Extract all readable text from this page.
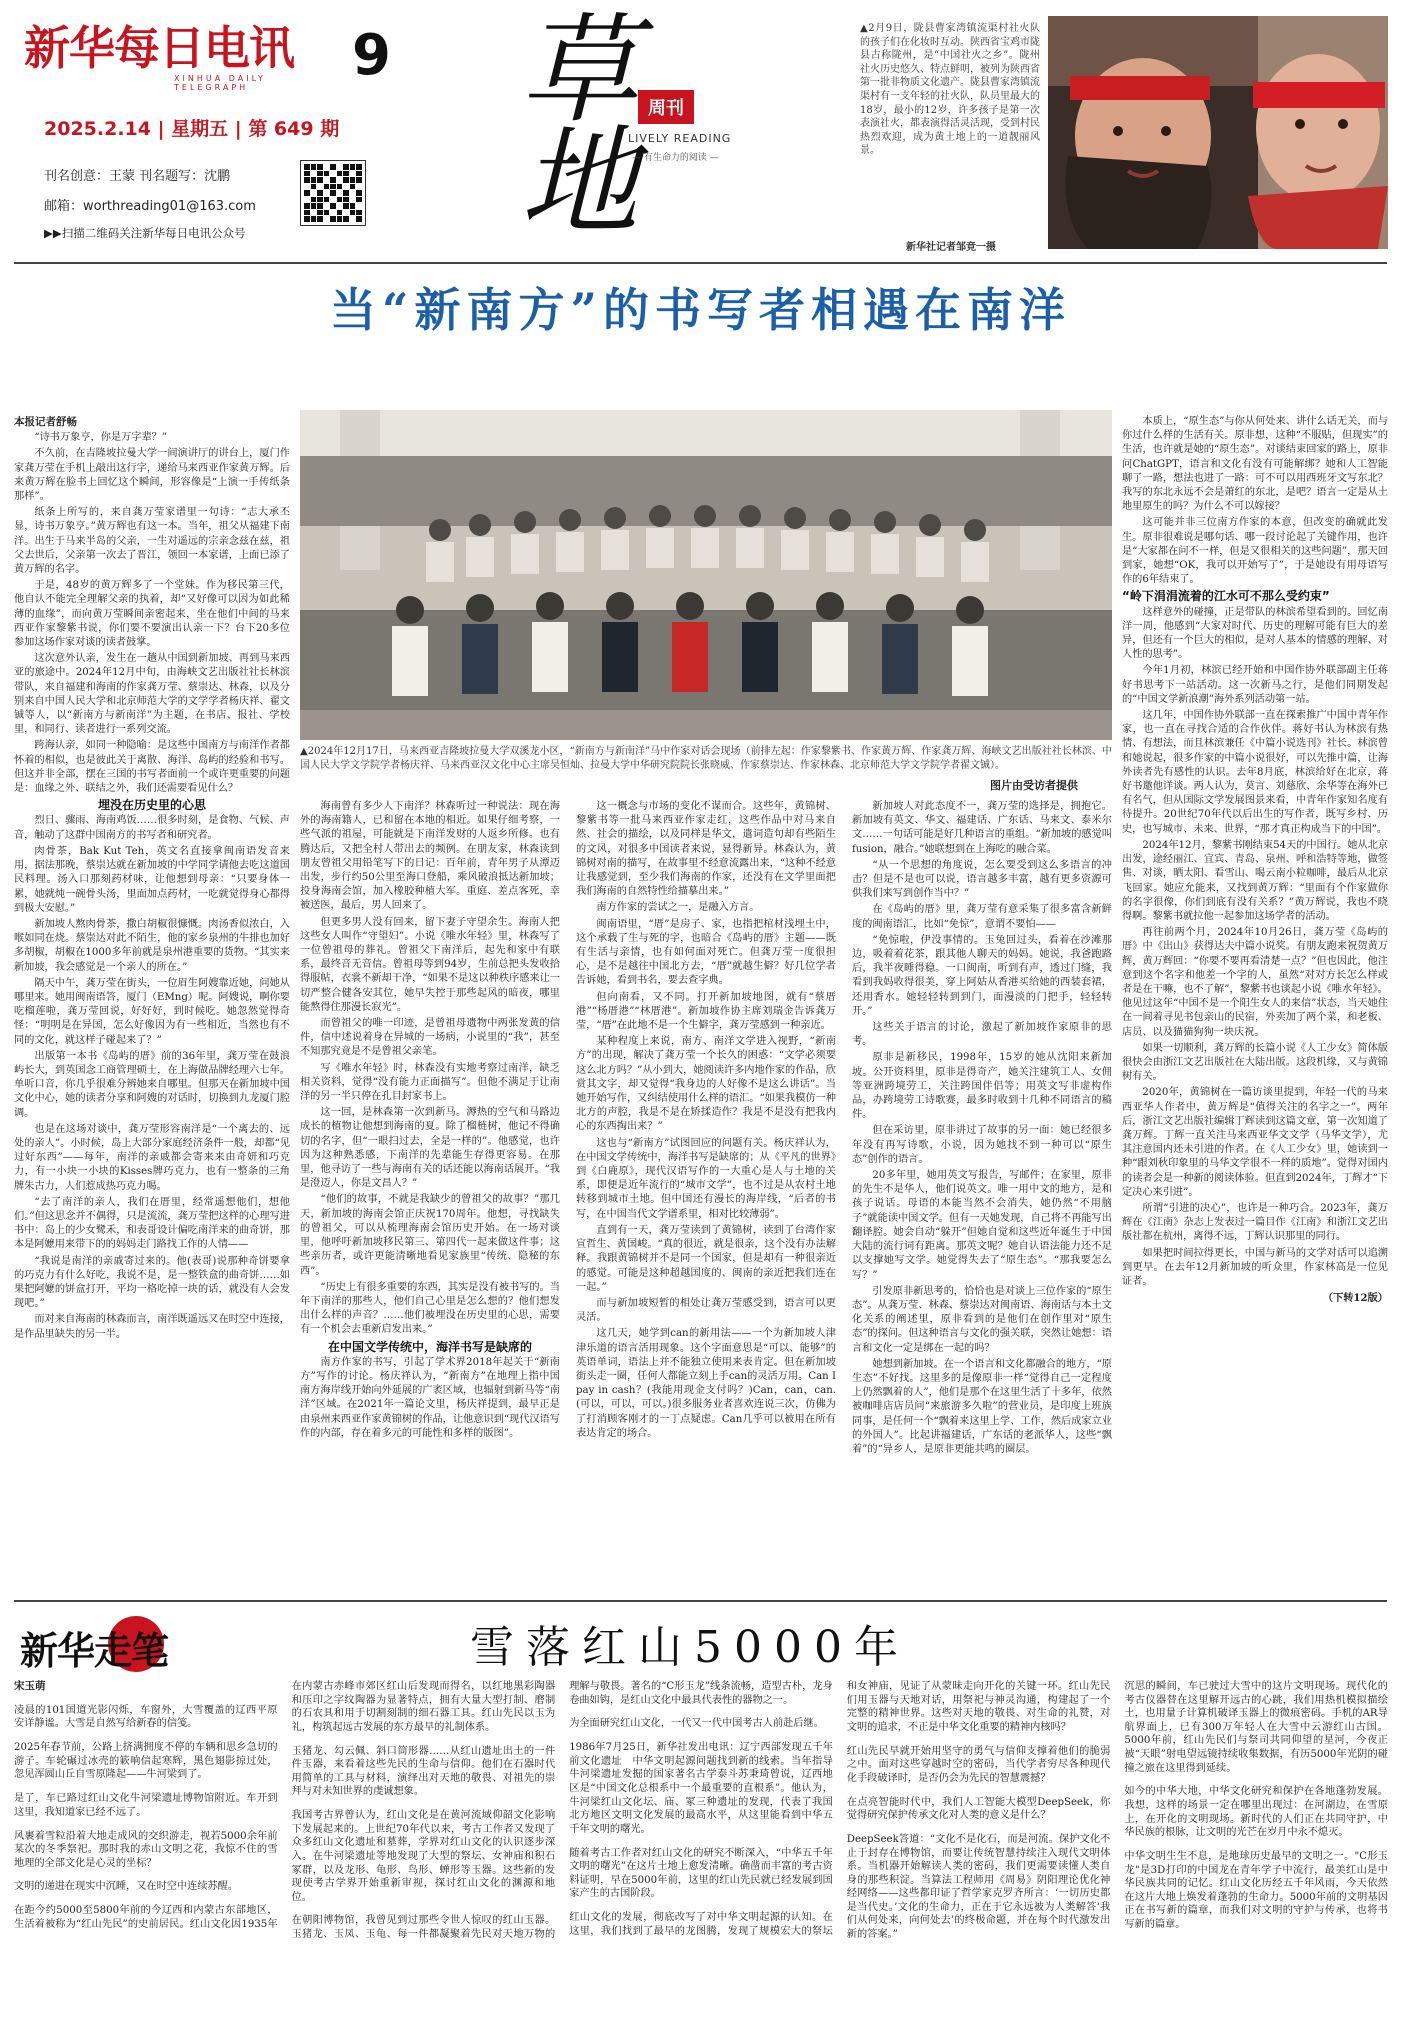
新华每日电讯
XINHUA DAILY TELEGRAPH	9
2025.2.14 | 星期五 | 第 649 期
刊名创意：王蒙 刊名题写：沈鹏
邮箱：worthreading01@163.com
▶▶扫描二维码关注新华每日电讯公众号
草地
周刊
LIVELY READING
— 有生命力的阅读 —
▲2月9日，陇县曹家湾镇流渠村社火队的孩子们在化妆时互动。陕西省宝鸡市陇县古称陇州，是“中国社火之乡”。陇州社火历史悠久、特点鲜明，被列为陕西省第一批非物质文化遗产。陇县曹家湾镇流渠村有一支年轻的社火队，队员里最大的18岁，最小的12岁，许多孩子是第一次表演社火，都表演得活灵活现，受到村民热烈欢迎，成为黄土地上的一道靓丽风景。
新华社记者邹竞一摄
当“新南方”的书写者相遇在南洋

本报记者舒畅

“诗书万象亨，你是万字辈？”

不久前，在吉隆坡拉曼大学一间演讲厅的讲台上，厦门作家龚万莹在手机上敲出这行字，递给马来西亚作家黄万辉。后来黄万辉在脸书上回忆这个瞬间，形容像是“上演一手传纸条那样”。

纸条上所写的，来自龚万莹家谱里一句诗：“志大承丕显，诗书万象亨。”黄万辉也有这一本。当年，祖父从福建下南洋。出生于马来半岛的父亲，一生对遥远的宗亲念兹在兹，祖父去世后，父亲第一次去了晋江，领回一本家谱，上面已添了黄万辉的名字。

于是，48岁的黄万辉多了一个堂妹。作为移民第三代，他自认不能完全理解父亲的执着，却“又好像可以因为如此稀薄的血缘”，而向黄万莹瞬间亲密起来，坐在他们中间的马来西亚作家黎紫书说，你们要不要演出认亲一下？台下20多位参加这场作家对谈的读者鼓掌。

这次意外认亲，发生在一趟从中国到新加坡、再到马来西亚的旅途中。2024年12月中旬，由海峡文艺出版社社长林滨带队，来自福建和海南的作家龚万莹、蔡崇达、林森，以及分别来自中国人民大学和北京师范大学的文学学者杨庆祥、翟文铖等人，以“新南方与新南洋”为主题，在书店、报社、学校里，和同行、读者进行一系列交流。

跨海认亲，如同一种隐喻：是这些中国南方与南洋作者都怀着的相似，也是彼此关于离散、海洋、岛屿的经验和书写。但这并非全部，摆在三国的书写者面前一个或许更重要的问题是：血缘之外、联结之外，我们还需要看见什么？

埋没在历史里的心思

烈日、骤雨、海南鸡饭……很多时刻，是食物、气候、声音，触动了这群中国南方的书写者和研究者。

肉骨茶，Bak Kut Teh，英文名直接拿闽南语发音来用，据法那晚，蔡崇达就在新加坡的中学同学请他去吃这道国民料理。汤入口那刻药材味，让他想到母亲：“只要身体一累，她就炖一碗骨头汤，里面加点药材，一吃就觉得身心都得到极大安慰。”

新加坡人熬肉骨茶，撒白胡椒很慷慨。肉汤香似浓白，入喉如同在烧。蔡崇达对此不陌生，他的家乡泉州的牛排也加好多胡椒，胡椒在1000多年前就是泉州港重要的货物。“其实来新加坡，我会感觉是一个亲人的所在。”

隔天中午，龚万莹在街头，一位眉生阿嫂靠近她，问她从哪里来。她用闽南语答，厦门（EMng）呢。阿嫂说，啊你要吃榴莲啦，龚万莹回说，好好好，到时候吃。她忽然觉得奇怪：“明明是在异国，怎么好像因为有一些相近，当然也有不同的文化，就这样子碰起来了？”

出版第一本书《岛屿的厝》前的36年里，龚万莹在鼓浪屿长大，到英国念工商管理硕士，在上海做品牌经理六七年。单听口音，你几乎很难分辨她来自哪里。但那天在新加坡中国文化中心，她的读者分享和阿嫂的对话时，切换到九龙厦门腔调。

也是在这场对谈中，龚万莹形容南洋是“一个离去的、远处的亲人”。小时候，岛上大部分家庭经济条件一般，却都“见过好东西”——每年，南洋的亲戚都会寄来来由奇妍和巧克力，有一小块一小块的Kisses牌巧克力，也有一整条的三角牌朱古力，人们惹成热巧克力喝。

“去了南洋的亲人，我们在厝里，经常遥想他们，想他们。”但这思念并不偶得，只是流流，龚万莹把这样的心理写进书中：岛上的少女鹭禾，和表哥设计偏吃南洋来的曲奇饼，那本是阿嬷用来带下的的妈妈走门路找工作的人情——

“我说是南洋的亲戚寄过来的。他(表哥)说那种奇饼要拿的巧克力有什么好吃，我说不是，是一整铁盒的曲奇饼……如果把阿嬷的饼盒打开，平均一格吃掉一块的话，就没有人会发现吧。”

而对来自海南的林森而言，南洋既遥远又在时空中连接，是作品里缺失的另一半。

▲2024年12月17日，马来西亚吉隆坡拉曼大学双溪龙小区，“新南方与新南洋”马中作家对话会现场（前排左起：作家黎紫书、作家黄万辉、作家龚万辉、海峡文艺出版社社长林滨、中国人民大学文学院学者杨庆祥、马来西亚汉文化中心主席吴恒灿、拉曼大学中华研究院院长张晓威、作家蔡崇达、作家林森、北京师范大学文学院学者翟文铖）。
图片由受访者提供

海南曾有多少人下南洋？林森听过一种说法：现在海外的海南籍人，已和留在本地的相近。如果仔细考察，一些气派的祖屋，可能就是下南洋发财的人返乡所修。也有腾达后，又把全村人带出去的频例。在朋友家，林森读到朋友曾祖父用铅笔写下的日记：百年前，青年男子从潭迈出发，步行约50公里至海口登船，乘风破浪抵达新加坡；投身海南会馆，加入橡胶种植大军。重庭、差点客死，幸被送医，最后，男人回来了。

但更多男人没有回来，留下妻子守望余生。海南人把这些女人叫作“守望妇”。小说《唯水年轻》里，林森写了一位曾祖母的葬礼。曾祖父下南洋后，起先和家中有联系，最终音无音信。曾祖母等到94岁，生前总把头发收拾得服帖，衣裳不新却干净，“如果不是这以种秩序感来让一切严整合健各安其位，她早失控于那些起风的暗夜，哪里能熬得住那漫长寂光”。

而曾祖父的唯一印迹，是曾祖母遗物中两张发黄的信件，信中述说着身在异城的一场病，小说里的“我”，甚至不知那究竟是不是曾祖父亲笔。

写《唯水年轻》时，林森没有实地考察过南洋，缺乏相关资料，觉得“没有能力正面描写”。但他不满足于让南洋的另一半只停在孔目封家书上。

这一回，是林森第一次到新马。溽热的空气和马路边成长的植物让他想到海南的夏。除了榴梿树，他记不得确切的名字，但“一眼扫过去，全是一样的”。他感觉，也许因为这种熟悉感，下南洋的先辈能生存得更容易。在那里，他寻访了一些与海南有关的话还能以海南话展开。“我是澄迈人，你是文昌人？”

“他们的故事，不就是我缺少的曾祖父的故事？”那几天，新加坡的海南会馆正庆祝170周年。他想，寻找缺失的曾祖父，可以从梳理海南会馆历史开始。在一场对谈里，他呼吁新加坡移民第三、第四代一起来做这件事；这些亲历者，或许更能清晰地看见家族里“传统、隐秘的东西”。

“历史上有很多重要的东西，其实是没有被书写的。当年下南洋的那些人，他们自己心里是怎么想的？他们想发出什么样的声音？……他们被埋没在历史里的心思，需要有一个机会去重新启发出来。”

在中国文学传统中，海洋书写是缺席的

南方作家的书写，引起了学术界2018年起关于“新南方”写作的讨论。杨庆祥认为，“新南方”在地理上指中国南方海岸线开始向外延展的广袤区域，也辐射到新马等“南洋”区域。在2021年一篇论文里，杨庆祥提到，最早正是由泉州来西亚作家黄锦树的作品，让他意识到“现代汉语写作的内部，存在着多元的可能性和多样的版图”。

这一概念与市场的变化不谋而合。这些年，黄锦树、黎紫书等一批马来西亚作家走红，这些作品中对马来自然、社会的描绘，以及同样是华文，遣词造句却有些陌生的文风，对很多中国读者来说，显得新异。林森认为，黄锦树对南的描写，在故事里不经意流露出来，“这种不经意让我感觉到，至少我们海南的作家，还没有在文学里面把我们海南的自然特性给描摹出来。”

南方作家的尝试之一，是融入方言。

闽南语里，“厝”是房子、家，也指把棺材浅埋土中，这个承载了生与死的字，也暗合《岛屿的厝》主题——既有生活与亲情，也有如何面对死亡。但龚万莹一度很担心，是不是越往中国北方去，“厝”就越生僻？好几位学者告诉她，看到书名，要去查字典。

但向南看，又不同。打开新加坡地图，就有“蔡厝港”“杨厝港”“林厝港”。新加坡作协主席刘瑞金告诉龚万莹，“厝”在此地不是一个生僻字，龚万莹感到一种亲近。

某种程度上来说，南方、南洋文学进入视野，“新南方”的出现，解决了龚万莹一个长久的困惑：“文学必须要这么北方吗？”从小到大，她阅读许多内地作家的作品，欣赏其文字，却又觉得“我身边的人好像不是这么讲话”。当她开始写作，又纠结使用什么样的语汇。“如果我模仿一种北方的声腔，我是不是在矫揉造作？我是不是没有把我内心的东西掏出来？”

这也与“新南方”试图回应的问题有关。杨庆祥认为，在中国文学传统中，海洋书写是缺席的；从《平凡的世界》到《白鹿原》，现代汉语写作的一大重心是人与土地的关系，即便是近年流行的“城市文学”，也不过是从农村土地转移到城市土地。但中国还有漫长的海岸线，“后者的书写，在中国当代文学谱系里，相对比较薄弱”。

直到有一天，龚万莹读到了黄锦树，读到了台湾作家宣哲生、黄国峻。“真的很近，就是很亲，这个没有办法解释。我跟黄锦树并不是同一个国家，但是却有一种很亲近的感觉。可能是这种超越国度的、闽南的亲近把我们连在一起。”

而与新加坡短暂的相处让龚万莹感受到，语言可以更灵活。

这几天，她学到can的新用法——一个为新加坡人津津乐道的语言活用现象。这个字面意思是“可以、能够”的英语单词，语法上并不能独立使用来表肯定。但在新加坡街头走一圈，任何人都能立刻上手can的灵活万用。Can I pay in cash？(我能用现金支付吗？)Can，can，can.(可以，可以，可以。)很多服务业者喜欢连说三次，仿佛为了打消顾客刚才的一丁点疑虑。Can几乎可以被用在所有表达肯定的场合。

新加坡人对此态度不一，龚万莹的选择是，拥抱它。新加坡有英文、华文、福建话、广东话、马来文、泰米尔文……一句话可能是好几种语言的重组。“新加坡的感觉叫fusion，融合。”她联想到在上海吃的融合菜。

“从一个思想的角度说，怎么要受到这么多语言的冲击？但是不是也可以说，语言越多丰富，越有更多资源可供我们来写到创作当中？”

在《岛屿的厝》里，龚万莹有意采集了很多富含新鲜度的闽南语汇，比如“免惊”，意谓不要怕——

“免惊啦，伊没事情的。玉兔回过头，看着在沙滩那边，吸着着花茶，跟其他人聊天的妈妈。她说，我爸跑路后，我半夜睡得稳。一口闽南，听到有声，透过门缝，我看到我妈收得很美，穿上阿姑从香港买给她的西装套裙，还用香水。她轻轻转到到门，面漫淡的门把手，轻轻转开。”

这些关于语言的讨论，激起了新加坡作家原非的思考。

原非是新移民，1998年，15岁的她从沈阳来新加坡。公开资料里，原非是得奇产，她关注建筑工人、女佣等亚洲跨境劳工，关注跨国伴侣等；用英文写非虚构作品，办跨境劳工诗歌赛，最多时收到十几种不同语言的稿件。

但在采访里，原非讲过了故事的另一面：她已经很多年没有再写诗歌，小说，因为她找不到一种可以“原生态”创作的语言。

20多年里，她用英文写报告，写邮件；在家里，原非的先生不是华人，他们说英文。唯一用中文的地方，是和孩子说话。母语的本能当然不会消失，她仍然“不用脑子”就能读中国文学。但有一天她发现，自己将不再能写出翻译腔。她会自动“躲开”但她自觉和这些近年诞生于中国大陆的流行词有距离。那英文呢？她自认语法能力还不足以支撑她写文学。她觉得失去了“原生态”。“那我要怎么写？”

引发原非新思考的，恰恰也是对谈上三位作家的“原生态”。从龚万莹、林森、蔡崇达对闽南语、海南话与本土文化关系的阐述里，原非看到的是他们在创作里对“原生态”的探问。但这种语言与文化的强关联，突然让她想：语言和文化一定是绑在一起的吗？

她想到新加坡。在一个语言和文化都融合的地方，“原生态”不好找。这里多的是像原非一样“觉得自己一定程度上仍然飘着的人”，他们是那个在这里生活了十多年，依然被咖啡店店员问“来旅游多久啦”的营业员，是印度上班族同事，是任何一个“飘着来这里上学、工作，然后成家立业的外国人”。比起讲福建话，广东话的老派华人，这些“飘着”的“异乡人，是原非更能共鸣的圈层。

本质上，“原生态”与你从何处来、讲什么话无关，而与你过什么样的生活有关。原非想，这种“不服贴，但现实”的生活，也许就是她的“原生态”。对谈结束回家的路上，原非问ChatGPT，语言和文化有没有可能解绑？她和人工智能聊了一路，想法也进了一路：可不可以用西班牙文写东北？我写的东北永远不会是萧红的东北，是吧？语言一定是从土地里原生的吗？为什么不可以嫁接？

这可能并非三位南方作家的本意，但改变的确就此发生。原非很难说是哪句话、哪一段讨论起了关键作用，也许是“大家都在问不一样，但是又很相关的这些问题”，那天回到家，她想“OK，我可以开始写了”，于是她设有用母语写作的6年结束了。

“岭下涓涓流着的江水可不那么受约束”

这样意外的碰撞，正是带队的林滨希望看到的。回忆南洋一周，他感到“大家对时代、历史的理解可能有巨大的差异，但还有一个巨大的相似，是对人基本的情感的理解、对人性的思考”。

今年1月初，林滨已经开始和中国作协外联部副主任蒋好书思考下一站活动。这一次新马之行，是他们同期发起的“中国文学新浪潮”海外系列活动第一站。

这几年，中国作协外联部一直在探索推广中国中青年作家，也一直在寻找合适的合作伙伴。蒋好书认为林滨有热情、有想法，而且林滨兼任《中篇小说选刊》社长。林滨曾和她说起，很多作家的中篇小说很好，可以先推中篇，让海外读者先有感性的认识。去年8月底，林滨给好在北京，蒋好书邀他详谈。两人认为，莫言、刘慈欣、余华等在海外已有名气，但从国际文学发展图景来看，中青年作家知名度有待提升。20世纪70年代以后出生的写作者，既写乡村、历史，也写城市、未来、世界，“那才真正构成当下的中国”。

2024年12月，黎紫书刚结束54天的中国行。她从北京出发，途经丽江、宜宾、青岛、泉州、呼和浩特等地，做签售、对谈，晒太阳、看雪山、喝云南小粒咖啡，最后从北京飞回家。她应允能来，又找到黄万辉：“里面有个作家做你的名字很像，你们到底有没有关系？”黄万辉说，我也不晓得啊。黎紫书就拉他一起参加这场学者的活动。

再往前两个月，2024年10月26日，龚万莹《岛屿的厝》中《出山》获得达夫中篇小说奖。有朋友跑来祝贺黄万辉，黄万辉回：“你要不要再看清楚一点？”但也因此，他注意到这个名字和他差一个字的人，虽然“对对方长怎么样或者是在干嘛，也不了解”，黎紫书也谈起小说《唯水年轻》。他见过这年“中国不是一个阳生女人的来信”状态，当天她住在一间着寻见书包亲山的民宿，外卖加了两个菜，和老板、店员、以及猫猫狗狗一块庆祝。

如果一切顺利，龚万辉的长篇小说《人工少女》简体版很快会由浙江文艺出版社在大陆出版。这段机缘，又与黄锦树有关。

2020年，黄锦树在一篇访谈里提到，年轻一代的马来西亚华人作者中，黄万辉是“值得关注的名字之一”。两年后，浙江文艺出版社编辑丁辉读到这篇文章，第一次知道了龚万辉。丁辉一直关注马来西亚华文文学（马华文学），尤其注意国内还未引进的作者。在《人工少女》里，她读到一种“跟刘秋印象里的马华文学很不一样的质地”。觉得对国内的读者会是一种新的阅读体验。但直到2024年，丁辉才“下定决心来引进”。

所谓“引进的决心”，也许是一种巧合。2023年，龚万辉在《江南》杂志上发表过一篇目作《江南》和浙江文艺出版社都在杭州，离得不远，丁辉认识那里的同行。

如果把时间拉得更长，中国与新马的文学对话可以追溯到更早。在去年12月新加坡的听众里，作家林高是一位见证者。

（下转12版）

新华走笔	雪落红山5000年

宋玉萌

凌晨的101国道光影闪烁，车窗外，大雪覆盖的辽西平原安详静谧。大雪是自然写给新春的信笺。

2025年春节前，公路上挤满拥度不停的车辆和思乡急切的游子。车轮碾过冰壳的簌响信起寒辉，黑色翅影掠过处，忽见浑圆山丘自雪原隆起——牛河梁到了。

是了，车已路过红山文化牛河梁遗址博物馆附近。车开到这里，我知道家已经不远了。

风裹着雪粒沿着大地走成风的交织游走，视若5000余年前某次的冬季祭祀。那时我的赤山文明之花，我惊不住的雪地理的全部文化是心灵的坐标？

文明的递进在现实中沉睡，又在时空中连续苏醒。

在距今约5000至5800年前的今辽西和内蒙古东部地区，生活着被称为“红山先民”的史前居民。红山文化因1935年在内蒙古赤峰市郊区红山后发现而得名，以红地黑彩陶器和压印之字纹陶器为显著特点，拥有大量大型打制、磨制的石农具和用于切割刻制的细石器工具。红山先民以玉为礼，构筑起远古发展的东方最早的礼制体系。

玉猪龙、勾云佩、斜口筒形器……从红山遗址出土的一件件玉器，来看着这些先民的生命与信仰。他们在石器时代用简单的工具与材料，演绎出对天地的敬畏、对祖先的崇拜与对未知世界的虔诚想象。

我国考古界曾认为，红山文化是在黄河流域仰韶文化影响下发展起来的。上世纪70年代以来，考古工作者又发现了众多红山文化遗址和墓葬，学界对红山文化的认识逐步深入。在牛河梁遗址等地发现了大型的祭坛、女神庙和积石冢群，以及龙形、龟形、鸟形、蝉形等玉器。这些新的发现使考古学界开始重新审视，探讨红山文化的渊源和地位。

在朝阳博物馆，我曾见到过那些令世人惊叹的红山玉器。玉猪龙、玉凤、玉龟、每一件都凝聚着先民对天地万物的理解与敬畏。著名的“C形玉龙”线条流畅，造型古朴，龙身卷曲如钩，是红山文化中最具代表性的器物之一。

为全面研究红山文化，一代又一代中国考古人前赴后继。

1986年7月25日，新华社发出电讯：辽宁西部发现五千年前文化遗址　中华文明起源问题找到新的线索。当年指导牛河梁遗址发掘的国家著名古学泰斗苏秉琦曾说，辽西地区是“中国文化总根系中一个最重要的直根系”。他认为，牛河梁红山文化坛、庙、冢三种遗址的发现，代表了我国北方地区文明文化发展的最高水平，从这里能看到中华五千年文明的曙光。

随着考古工作者对红山文化的研究不断深入，“中华五千年文明的曙光”在这片土地上愈发清晰。确凿而丰富的考古资料证明，早在5000年前，这里的红山先民就已经发展到国家产生的古国阶段。

红山文化的发展，彻底改写了对中华文明起源的认知。在这里，我们找到了最早的龙图腾，发现了规模宏大的祭坛和女神庙，见证了从蒙昧走向开化的关键一环。红山先民们用玉器与天地对话，用祭祀与神灵沟通，构建起了一个完整的精神世界。这些对天地的敬畏、对生命的礼赞，对文明的追求，不正是中华文化重要的精神内核吗？

红山先民早就开始用坚守的勇气与信仰支撑着他们的脆弱之中。面对这些穿越时空的密码，当代学者穷尽各种现代化手段破译时，是否仍会为先民的智慧震撼？

在点亮智能时代中，我们人工智能大模型DeepSeek，你觉得研究保护传承文化对人类的意义是什么？

DeepSeek答道：“文化不是化石，而是河流。保护文化不止于封存在博物馆，而要让传统智慧持续注入现代文明体系。当机器开始解读人类的密码，我们更需要读懂人类自身的那些积淀。当算法工程师用《周易》阴阳理论优化神经网络——这些都印证了哲学家克罗齐所言：‘一切历史都是当代史。’文化的生命力，正在于它永远被为人类解答‘我们从何处来，向何处去’的终极命题，并在每个时代激发出新的答案。”

沉思的瞬间，车已驶过大雪中的这片文明现场。现代化的考古仪器替在这里解开远古的心跳，我们用热机模拟描绘土，也用量子计算机破译玉器上的微痕密码。手机的AR导航界面上，已有300万年轻人在大雪中云游红山古国。5000年前，红山先民们与祭司共同仰望的星河，今夜正被“天眼”射电望远镜持续收集数据，有历5000年光阴的碰撞之旅在这里得到延续。

如今的中华大地，中华文化研究和保护在各地蓬勃发展。我想，这样的场景一定在哪里出现过：在河湖边，在雪原上，在开化的文明现场。新时代的人们正在共同守护，中华民族的根脉，让文明的光芒在岁月中永不熄灭。

中华文明生生不息，是地球历史最早的文明之一。"C形玉龙"是3D打印的中国龙在青年学子中流行，最美红山是中华民族共同的记忆。红山文化历经五千年风雨，今天依然在这片大地上焕发着蓬勃的生命力。5000年前的文明基因正在书写新的篇章，而我们对文明的守护与传承，也将书写新的篇章。
